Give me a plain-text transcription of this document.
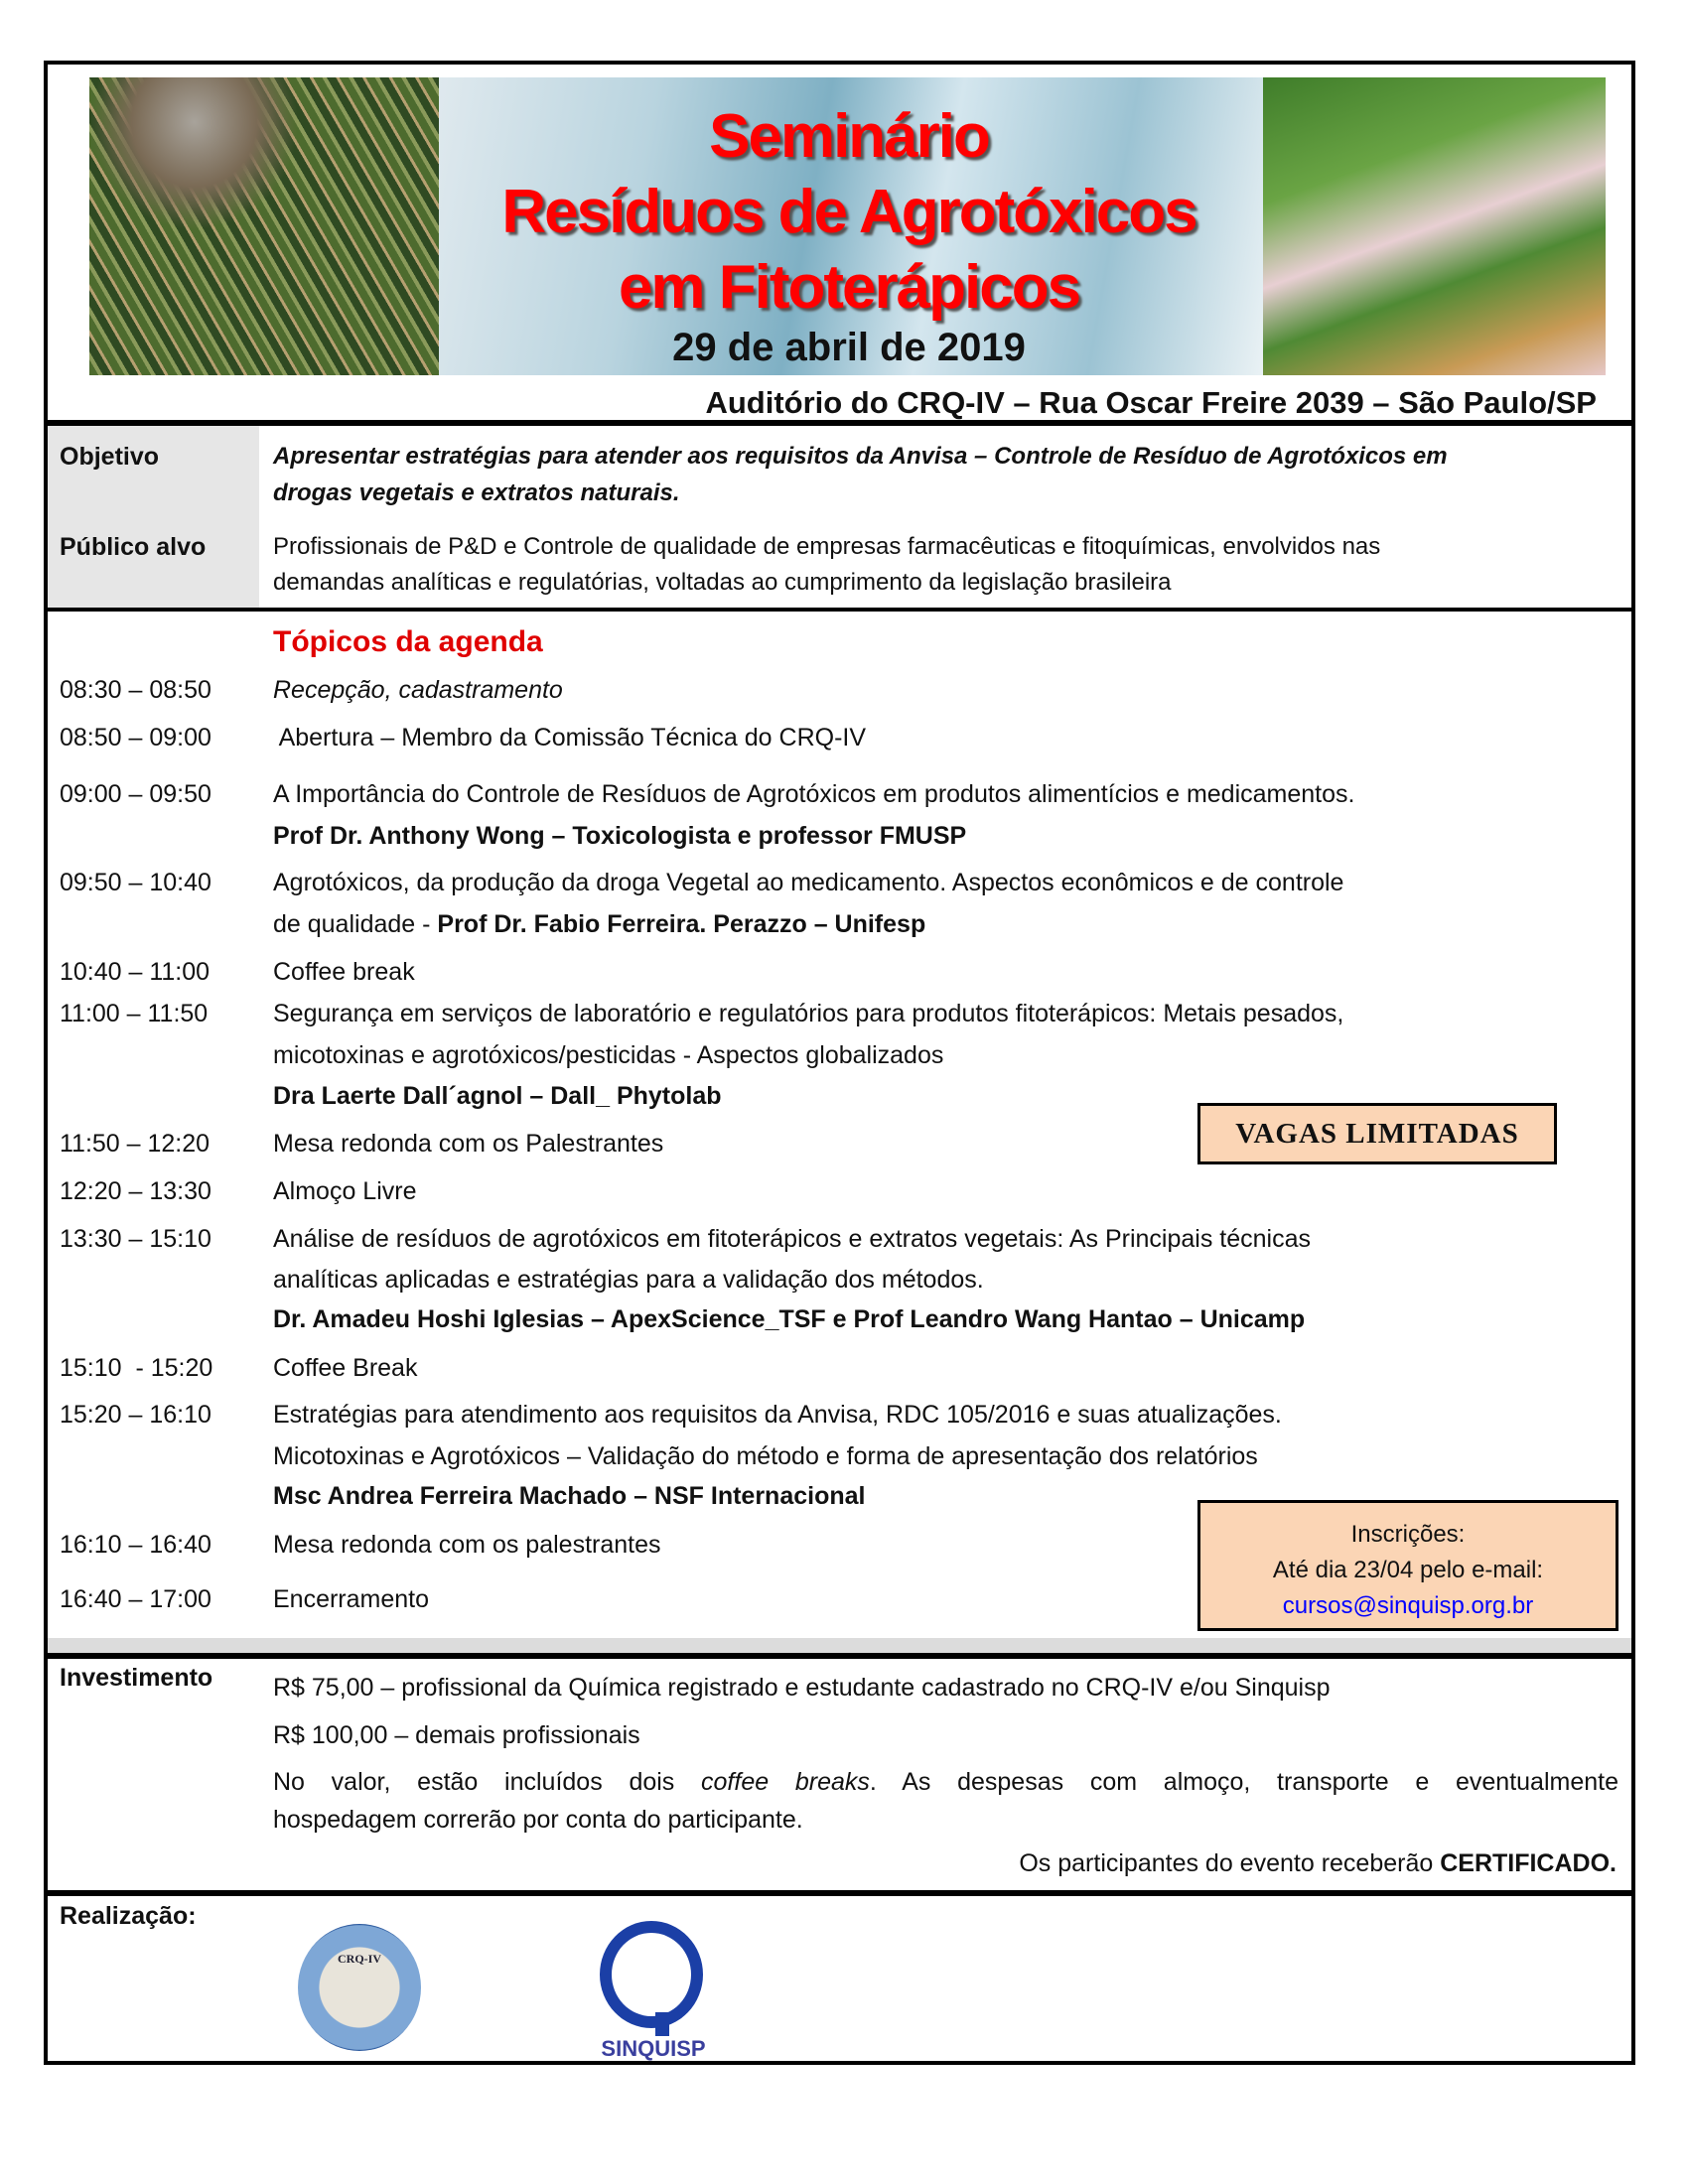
Seminário
Resíduos de Agrotóxicos
em Fitoterápicos
29 de abril de 2019
Auditório do CRQ-IV – Rua Oscar Freire 2039 – São Paulo/SP
Objetivo	Apresentar estratégias para atender aos requisitos da Anvisa – Controle de Resíduo de Agrotóxicos em
drogas vegetais e extratos naturais.
Público alvo	Profissionais de P&D e Controle de qualidade de empresas farmacêuticas e fitoquímicas, envolvidos nas
demandas analíticas e regulatórias, voltadas ao cumprimento da legislação brasileira
Tópicos da agenda
08:30 – 08:50 Recepção, cadastramento
08:50 – 09:00 Abertura – Membro da Comissão Técnica do CRQ-IV
09:00 – 09:50 A Importância do Controle de Resíduos de Agrotóxicos em produtos alimentícios e medicamentos.
Prof Dr. Anthony Wong – Toxicologista e professor FMUSP
09:50 – 10:40 Agrotóxicos, da produção da droga Vegetal ao medicamento. Aspectos econômicos e de controle
de qualidade - Prof Dr. Fabio Ferreira. Perazzo – Unifesp
10:40 – 11:00	Coffee break
11:00 – 11:50	Segurança em serviços de laboratório e regulatórios para produtos fitoterápicos: Metais pesados,
micotoxinas e agrotóxicos/pesticidas - Aspectos globalizados
Dra Laerte Dall´agnol – Dall_ Phytolab
11:50 – 12:20	Mesa redonda com os Palestrantes
12:20 – 13:30 Almoço Livre
13:30 – 15:10 Análise de resíduos de agrotóxicos em fitoterápicos e extratos vegetais: As Principais técnicas
analíticas aplicadas e estratégias para a validação dos métodos.
Dr. Amadeu Hoshi Iglesias – ApexScience_TSF e Prof Leandro Wang Hantao – Unicamp
15:10  - 15:20 Coffee Break
15:20 – 16:10 Estratégias para atendimento aos requisitos da Anvisa, RDC 105/2016 e suas atualizações.
Micotoxinas e Agrotóxicos – Validação do método e forma de apresentação dos relatórios
Msc Andrea Ferreira Machado – NSF Internacional
16:10 – 16:40 Mesa redonda com os palestrantes
16:40 – 17:00 Encerramento
VAGAS LIMITADAS
Inscrições:
Até dia 23/04 pelo e-mail:
cursos@sinquisp.org.br
Investimento R$ 75,00 – profissional da Química registrado e estudante cadastrado no CRQ-IV e/ou Sinquisp
R$ 100,00 – demais profissionais
No valor, estão incluídos dois coffee breaks. As despesas com almoço, transporte e eventualmente
hospedagem correrão por conta do participante.
Os participantes do evento receberão CERTIFICADO.
Realização:
CRQ-IV
SINQUISP
